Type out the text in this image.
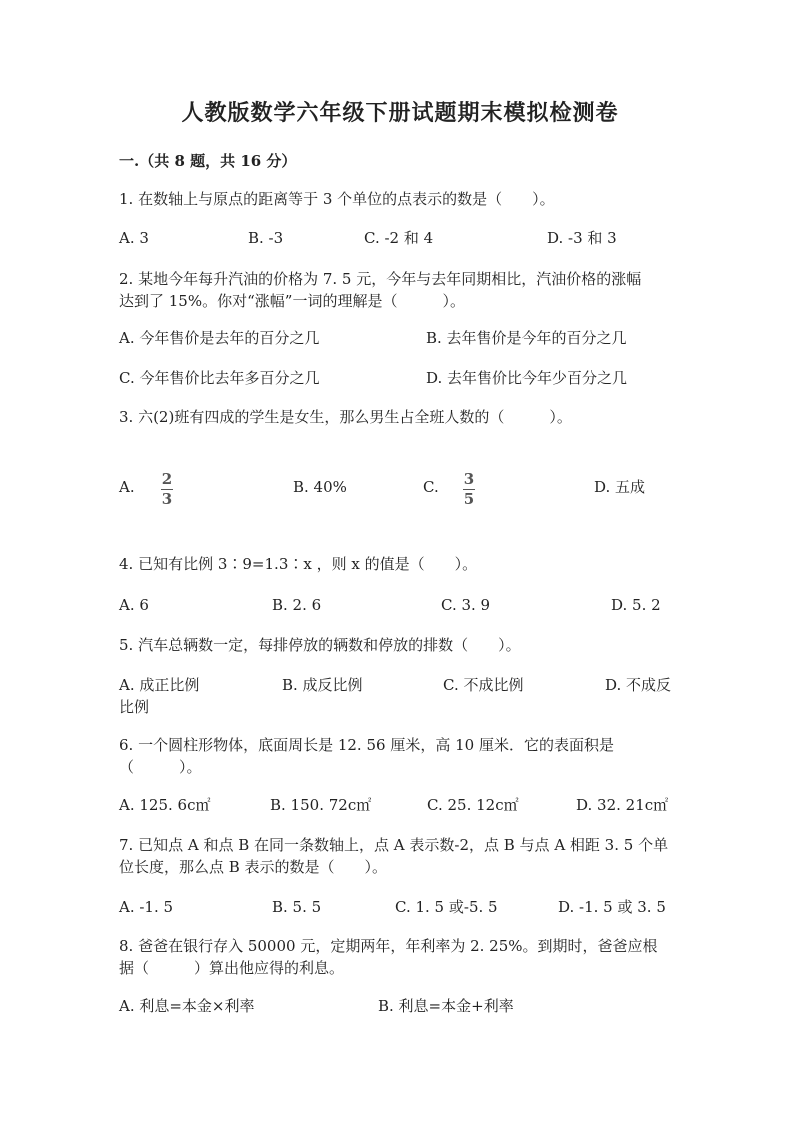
人教版数学六年级下册试题期末模拟检测卷
一.（共 8 题，共 16 分）
1. 在数轴上与原点的距离等于 3 个单位的点表示的数是（　　）。
A. 3	B. -3	C. -2 和 4	D. -3 和 3
2. 某地今年每升汽油的价格为 7. 5 元，今年与去年同期相比，汽油价格的涨幅
达到了 15%。你对“涨幅”一词的理解是（　　　）。
A. 今年售价是去年的百分之几	B. 去年售价是今年的百分之几
C. 今年售价比去年多百分之几	D. 去年售价比今年少百分之几
3. 六(2)班有四成的学生是女生，那么男生占全班人数的（　　　）。
A. 2
3
B. 40%	C. 3
5
D. 五成
4. 已知有比例 3∶9=1.3∶x ，则 x 的值是（　　）。
A. 6	B. 2. 6	C. 3. 9	D. 5. 2
5. 汽车总辆数一定，每排停放的辆数和停放的排数（　　）。
A. 成正比例	B. 成反比例	C. 不成比例	D. 不成反
比例
6. 一个圆柱形物体，底面周长是 12. 56 厘米，高 10 厘米．它的表面积是
（　　　）。
A. 125. 6c㎡	B. 150. 72c㎡	C. 25. 12c㎡	D. 32. 21c㎡
7. 已知点 A 和点 B 在同一条数轴上，点 A 表示数-2，点 B 与点 A 相距 3. 5 个单
位长度，那么点 B 表示的数是（　　）。
A. -1. 5	B. 5. 5	C. 1. 5 或-5. 5	D. -1. 5 或 3. 5
8. 爸爸在银行存入 50000 元，定期两年，年利率为 2. 25%。到期时，爸爸应根
据（　　　）算出他应得的利息。
A. 利息=本金×利率	B. 利息=本金+利率
